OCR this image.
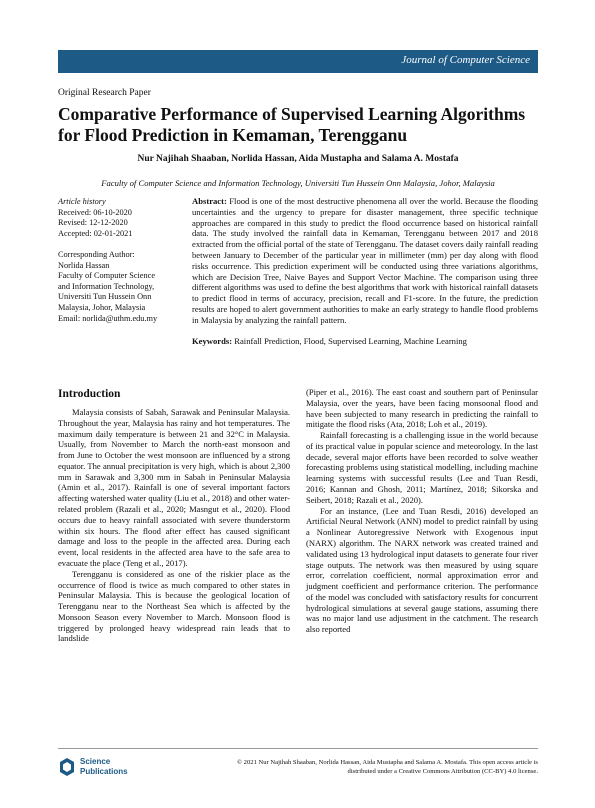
Journal of Computer Science
Original Research Paper
Comparative Performance of Supervised Learning Algorithms for Flood Prediction in Kemaman, Terengganu
Nur Najihah Shaaban, Norlida Hassan, Aida Mustapha and Salama A. Mostafa
Faculty of Computer Science and Information Technology, Universiti Tun Hussein Onn Malaysia, Johor, Malaysia
Article history
Received: 06-10-2020
Revised: 12-12-2020
Accepted: 02-01-2021
Corresponding Author:
Norlida Hassan
Faculty of Computer Science
and Information Technology,
Universiti Tun Hussein Onn
Malaysia, Johor, Malaysia
Email: norlida@uthm.edu.my

Abstract: Flood is one of the most destructive phenomena all over the world. Because the flooding uncertainties and the urgency to prepare for disaster management, three specific technique approaches are compared in this study to predict the flood occurrence based on historical rainfall data. The study involved the rainfall data in Kemaman, Terengganu between 2017 and 2018 extracted from the official portal of the state of Terengganu. The dataset covers daily rainfall reading between January to December of the particular year in millimeter (mm) per day along with flood risks occurrence. This prediction experiment will be conducted using three variations algorithms, which are Decision Tree, Naive Bayes and Support Vector Machine. The comparison using three different algorithms was used to define the best algorithms that work with historical rainfall datasets to predict flood in terms of accuracy, precision, recall and F1-score. In the future, the prediction results are hoped to alert government authorities to make an early strategy to handle flood problems in Malaysia by analyzing the rainfall pattern.

Keywords: Rainfall Prediction, Flood, Supervised Learning, Machine Learning

Introduction

Malaysia consists of Sabah, Sarawak and Peninsular Malaysia. Throughout the year, Malaysia has rainy and hot temperatures. The maximum daily temperature is between 21 and 32°C in Malaysia. Usually, from November to March the north-east monsoon and from June to October the west monsoon are influenced by a strong equator. The annual precipitation is very high, which is about 2,300 mm in Sarawak and 3,300 mm in Sabah in Peninsular Malaysia (Amin et al., 2017). Rainfall is one of several important factors affecting watershed water quality (Liu et al., 2018) and other water-related problem (Razali et al., 2020; Masngut et al., 2020). Flood occurs due to heavy rainfall associated with severe thunderstorm within six hours. The flood after effect has caused significant damage and loss to the people in the affected area. During each event, local residents in the affected area have to the safe area to evacuate the place (Teng et al., 2017).

Terengganu is considered as one of the riskier place as the occurrence of flood is twice as much compared to other states in Peninsular Malaysia. This is because the geological location of Terengganu near to the Northeast Sea which is affected by the Monsoon Season every November to March. Monsoon flood is triggered by prolonged heavy widespread rain leads that to landslide

(Piper et al., 2016). The east coast and southern part of Peninsular Malaysia, over the years, have been facing monsoonal flood and have been subjected to many research in predicting the rainfall to mitigate the flood risks (Ata, 2018; Loh et al., 2019).

Rainfall forecasting is a challenging issue in the world because of its practical value in popular science and meteorology. In the last decade, several major efforts have been recorded to solve weather forecasting problems using statistical modelling, including machine learning systems with successful results (Lee and Tuan Resdi, 2016; Kannan and Ghosh, 2011; Martínez, 2018; Sikorska and Seibert, 2018; Razali et al., 2020).

For an instance, (Lee and Tuan Resdi, 2016) developed an Artificial Neural Network (ANN) model to predict rainfall by using a Nonlinear Autoregressive Network with Exogenous input (NARX) algorithm. The NARX network was created trained and validated using 13 hydrological input datasets to generate four river stage outputs. The network was then measured by using square error, correlation coefficient, normal approximation error and judgment coefficient and performance criterion. The performance of the model was concluded with satisfactory results for concurrent hydrological simulations at several gauge stations, assuming there was no major land use adjustment in the catchment. The research also reported

Science
Publications
© 2021 Nur Najihah Shaaban, Norlida Hassan, Aida Mustapha and Salama A. Mostafa. This open access article is
distributed under a Creative Commons Attribution (CC-BY) 4.0 license.
